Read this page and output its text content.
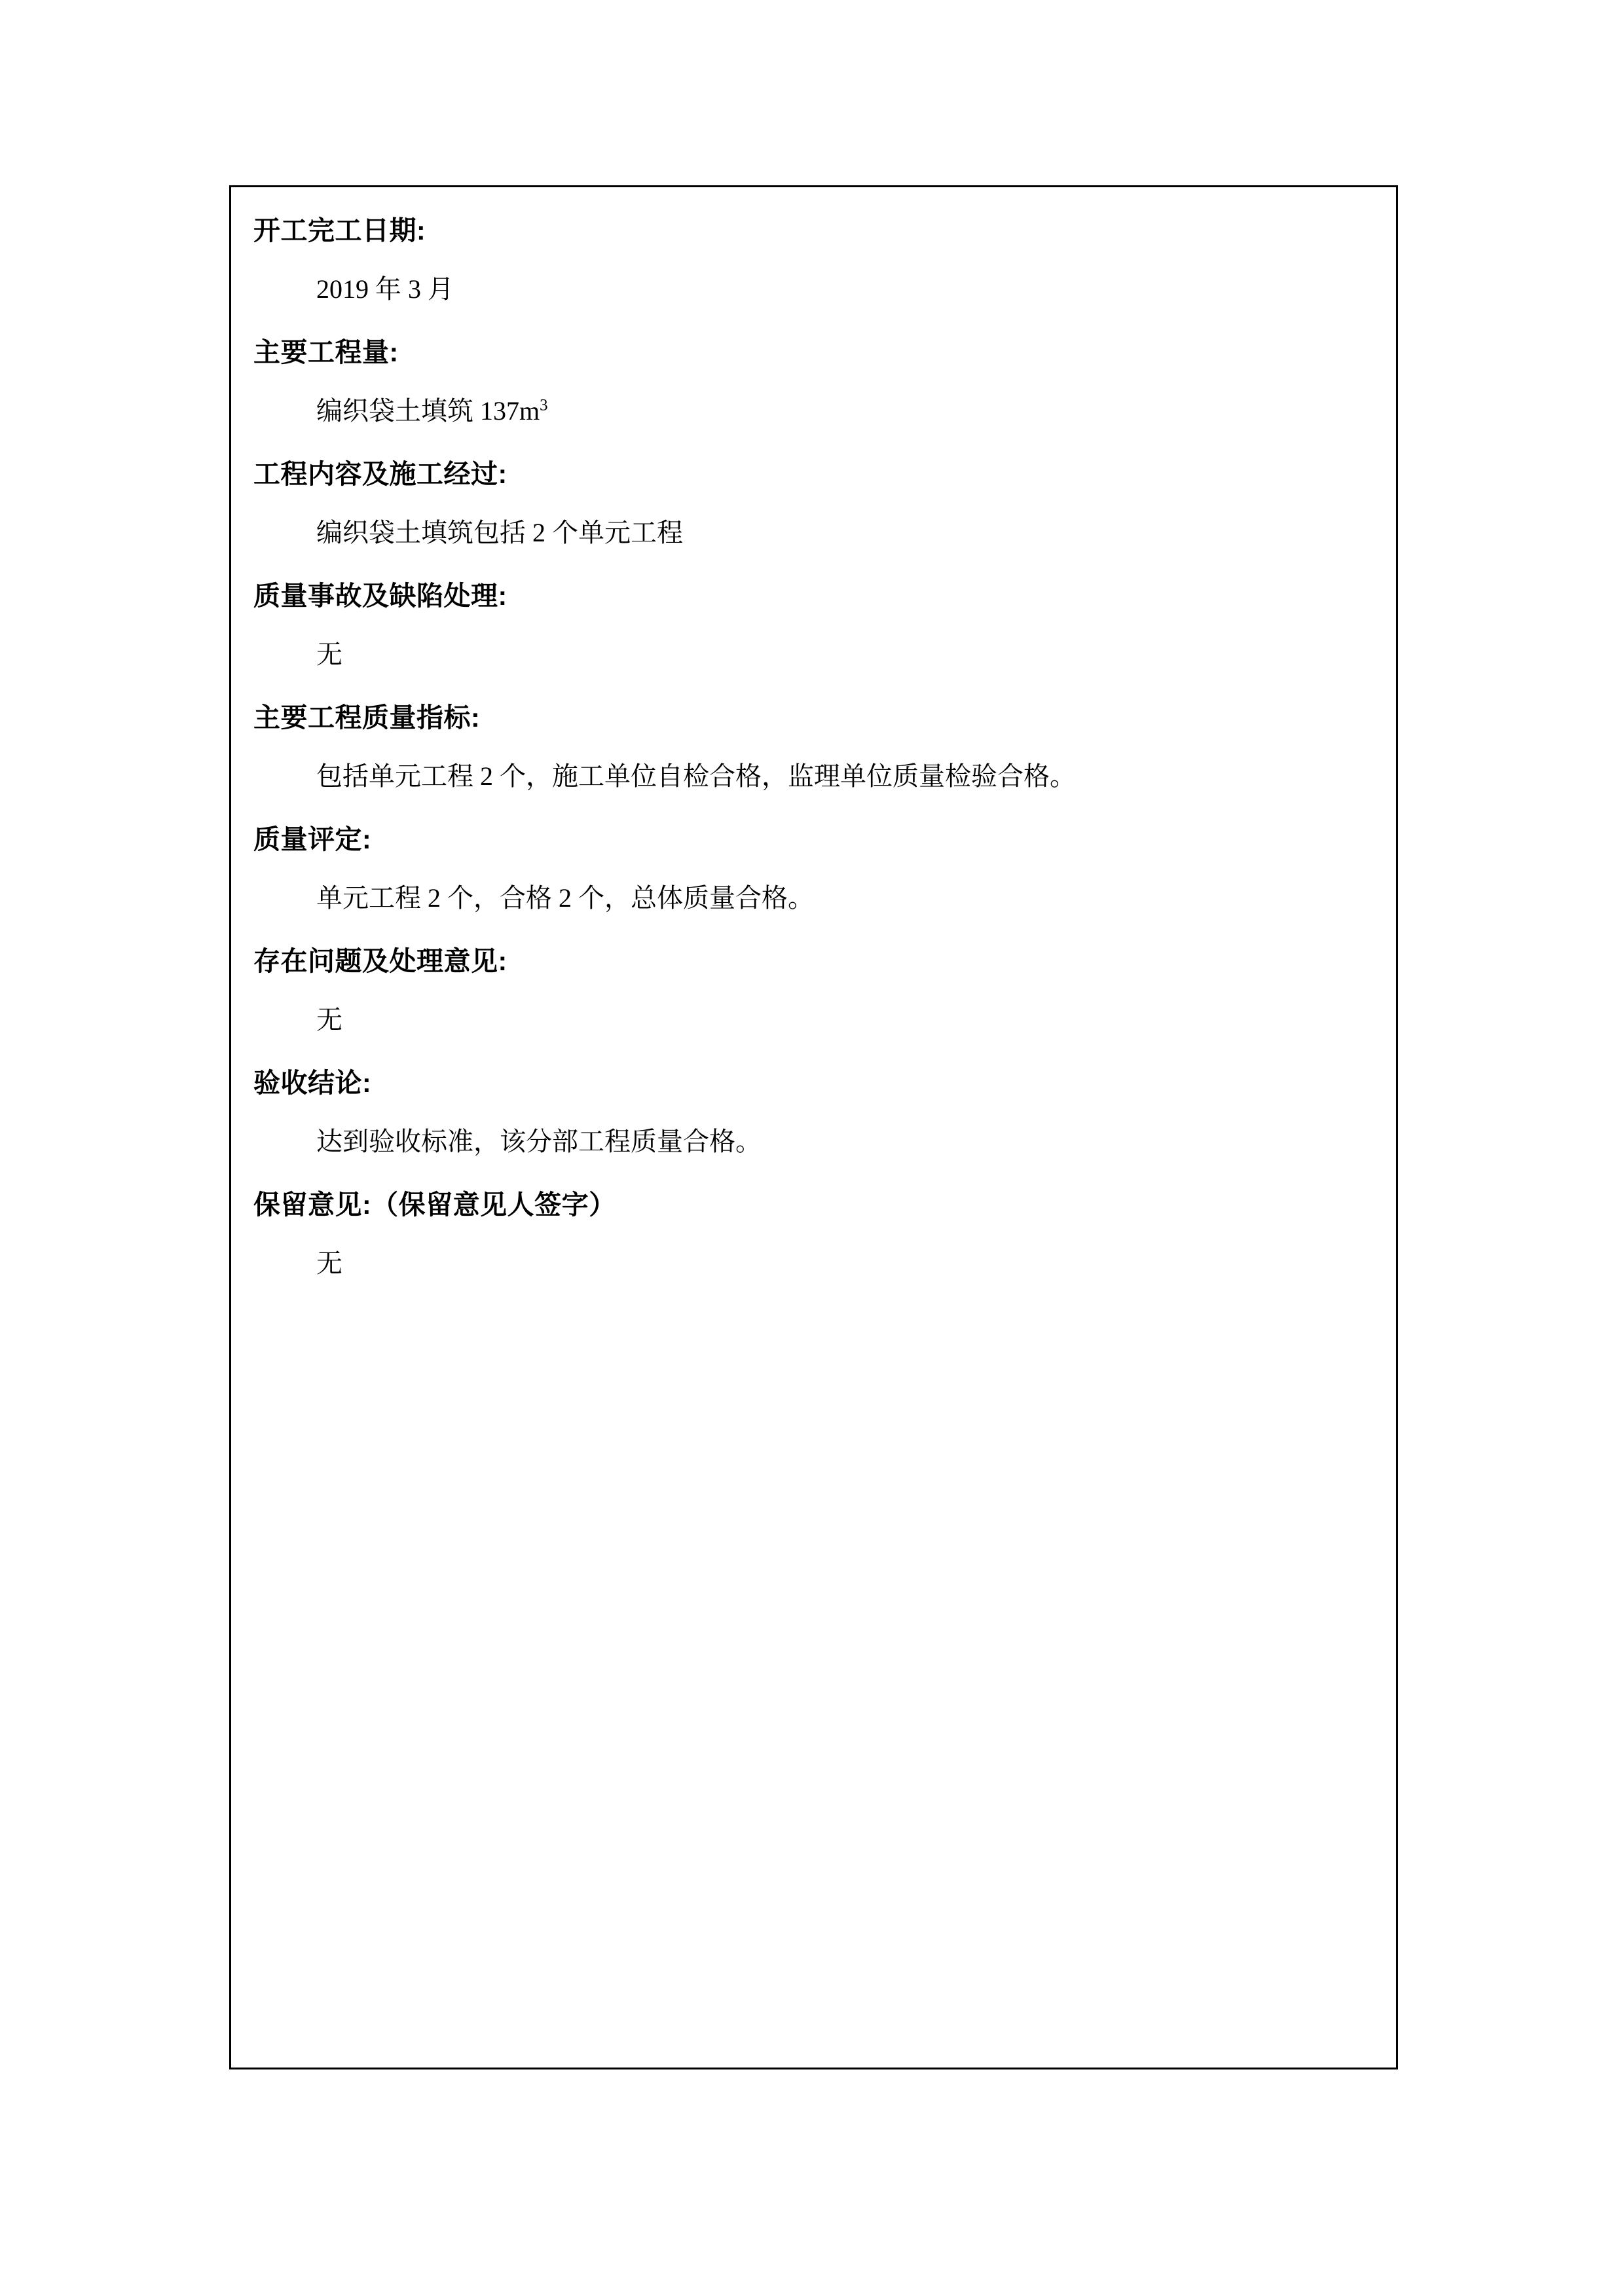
开工完工日期:
2019 年 3 月
主要工程量:
编织袋土填筑 $137m^3$
工程内容及施工经过:
编织袋土填筑包括 2 个单元工程
质量事故及缺陷处理:
无
主要工程质量指标:
包括单元工程 2 个，施工单位自检合格，监理单位质量检验合格。
质量评定:
单元工程 2 个，合格 2 个，总体质量合格。
存在问题及处理意见:
无
验收结论:
达到验收标准，该分部工程质量合格。
保留意见:（保留意见人签字）
无
